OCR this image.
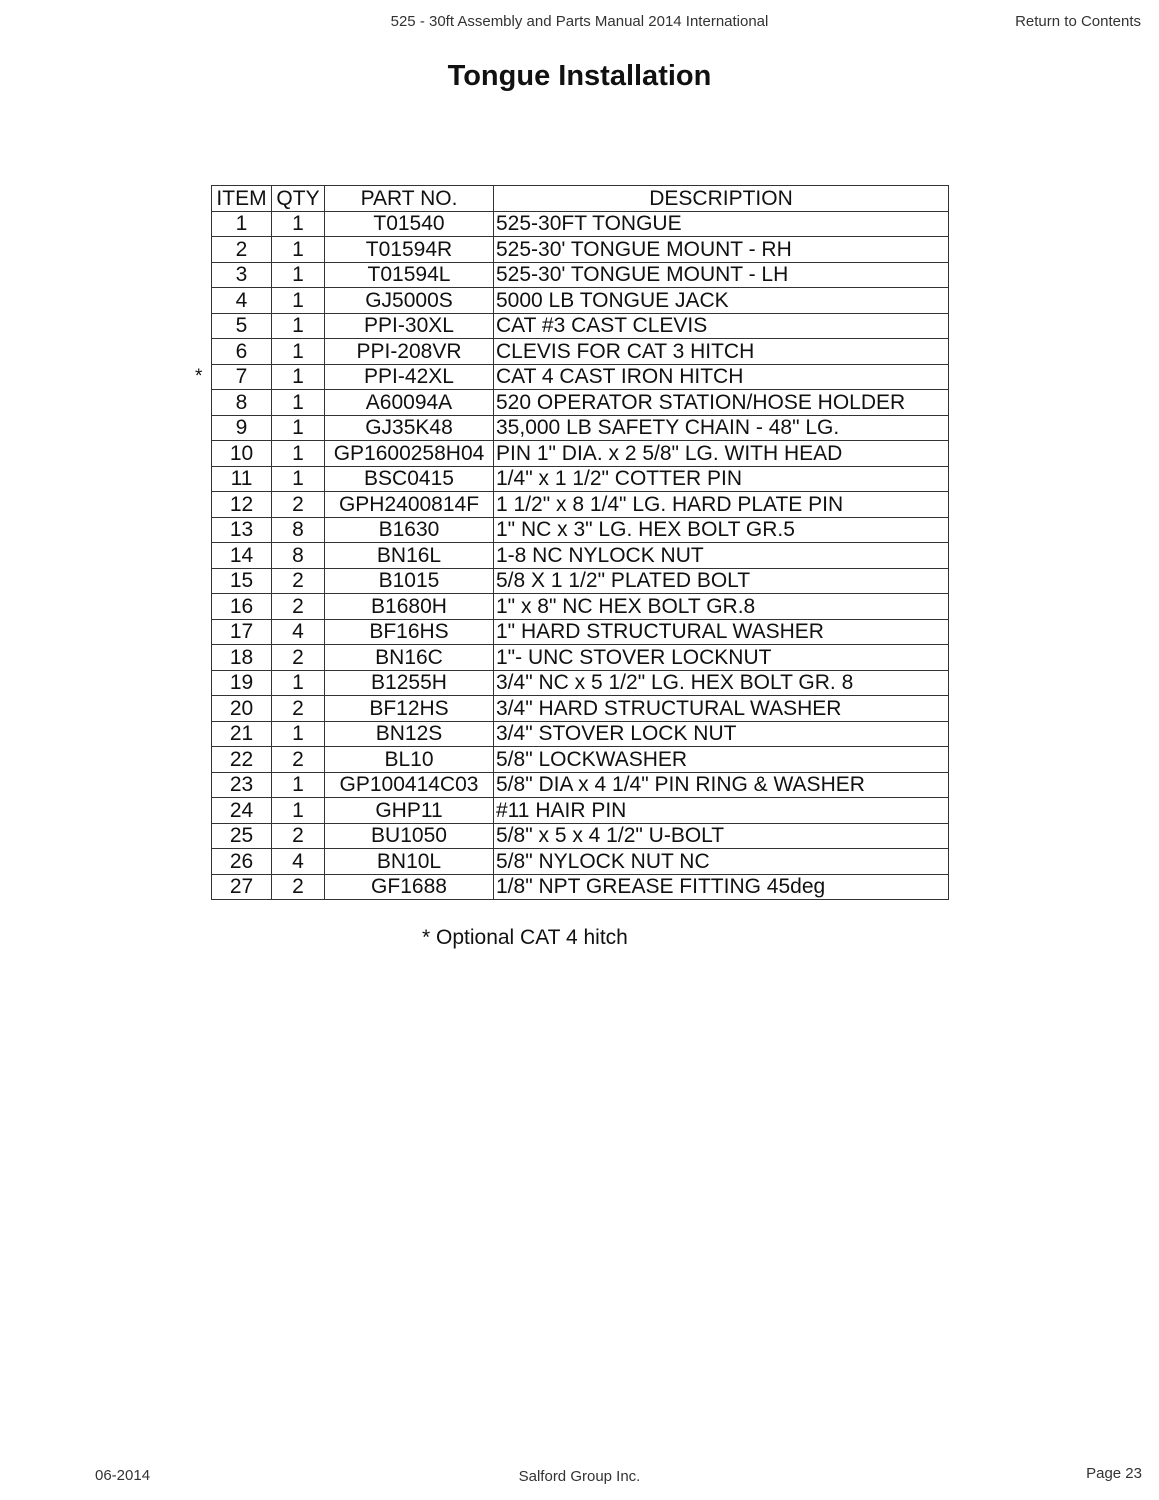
525 - 30ft Assembly and Parts Manual 2014 International	Return to Contents
Tongue Installation
*
ITEM	QTY	PART NO.	DESCRIPTION
1	1	T01540	525-30FT TONGUE
2	1	T01594R	525-30' TONGUE MOUNT - RH
3	1	T01594L	525-30' TONGUE MOUNT - LH
4	1	GJ5000S	5000 LB TONGUE JACK
5	1	PPI-30XL	CAT #3 CAST CLEVIS
6	1	PPI-208VR	CLEVIS FOR CAT 3 HITCH
7	1	PPI-42XL	CAT 4 CAST IRON HITCH
8	1	A60094A	520 OPERATOR STATION/HOSE HOLDER
9	1	GJ35K48	35,000 LB SAFETY CHAIN - 48" LG.
10	1	GP1600258H04	PIN 1" DIA. x 2 5/8" LG. WITH HEAD
11	1	BSC0415	1/4" x 1 1/2" COTTER PIN
12	2	GPH2400814F	1 1/2" x 8 1/4" LG. HARD PLATE PIN
13	8	B1630	1" NC x 3" LG. HEX BOLT GR.5
14	8	BN16L	1-8 NC NYLOCK NUT
15	2	B1015	5/8 X 1 1/2" PLATED BOLT
16	2	B1680H	1" x 8" NC HEX BOLT GR.8
17	4	BF16HS	1" HARD STRUCTURAL WASHER
18	2	BN16C	1"- UNC STOVER LOCKNUT
19	1	B1255H	3/4" NC x 5 1/2" LG. HEX BOLT GR. 8
20	2	BF12HS	3/4" HARD STRUCTURAL WASHER
21	1	BN12S	3/4" STOVER LOCK NUT
22	2	BL10	5/8" LOCKWASHER
23	1	GP100414C03	5/8" DIA x 4 1/4" PIN RING & WASHER
24	1	GHP11	#11 HAIR PIN
25	2	BU1050	5/8" x 5 x 4 1/2" U-BOLT
26	4	BN10L	5/8" NYLOCK NUT NC
27	2	GF1688	1/8" NPT GREASE FITTING 45deg
* Optional CAT 4 hitch
06-2014	Salford Group Inc.	Page 23
